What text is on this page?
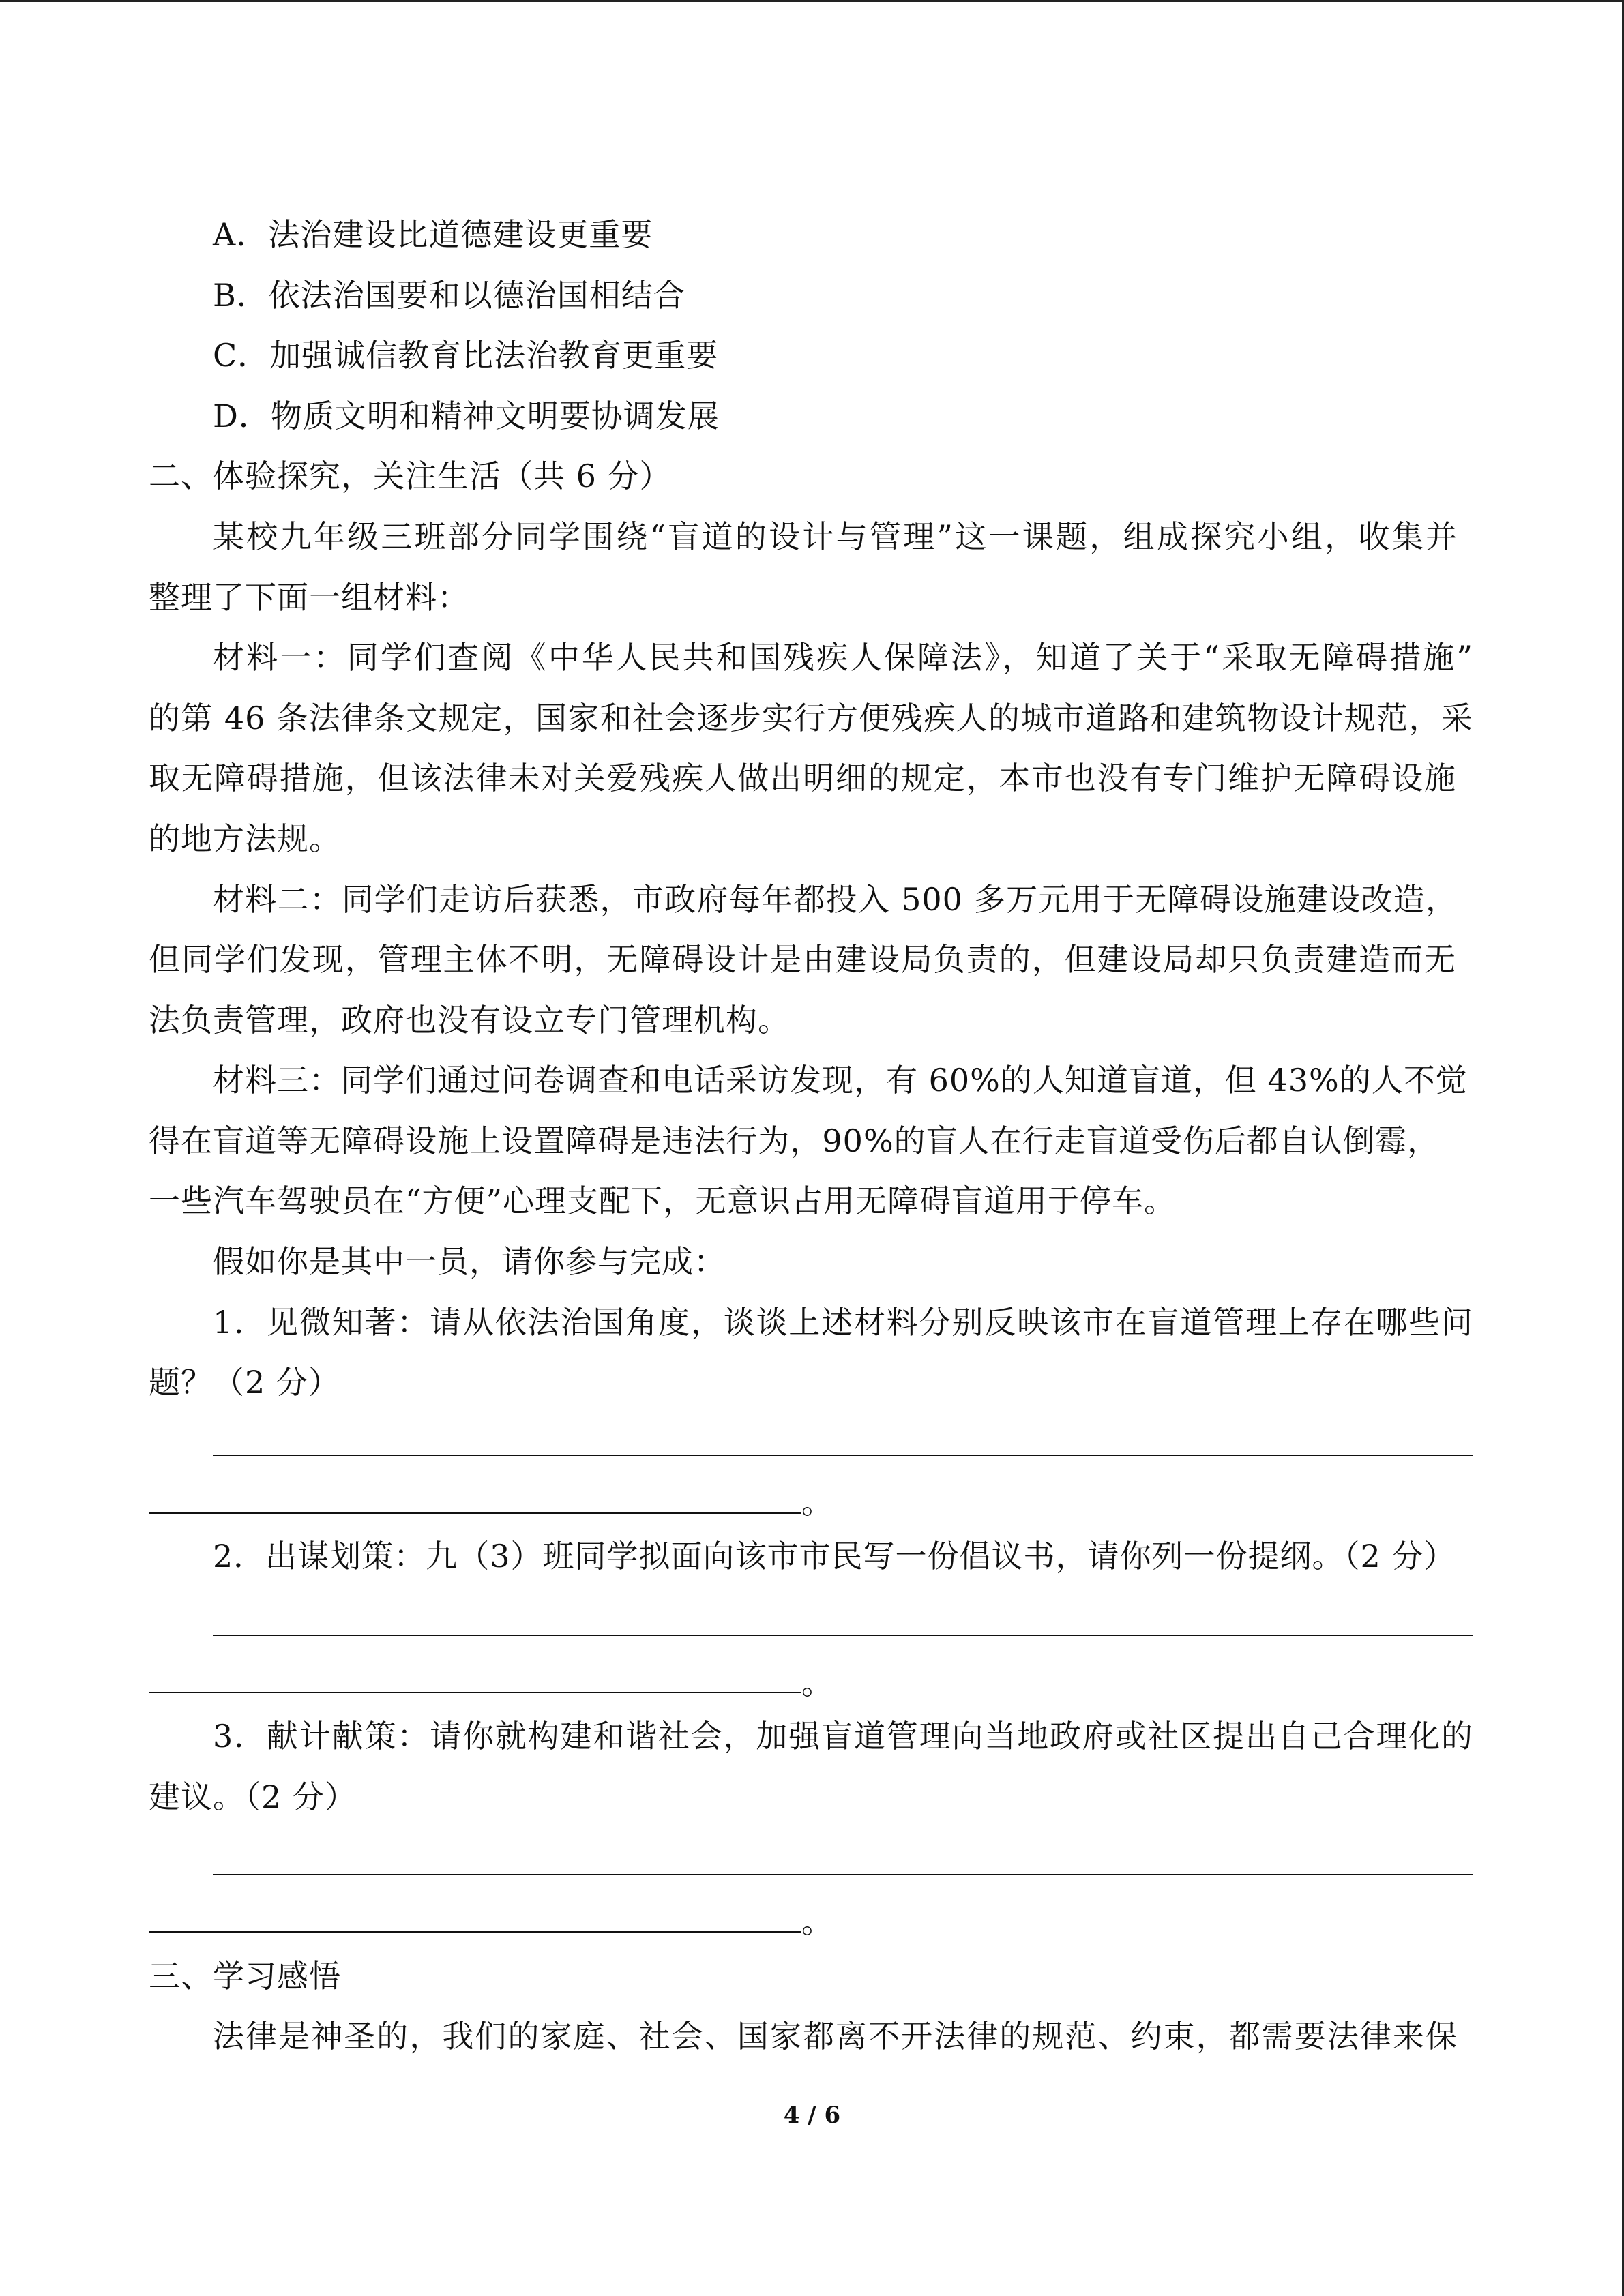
A．法治建设比道德建设更重要
B．依法治国要和以德治国相结合
C．加强诚信教育比法治教育更重要
D．物质文明和精神文明要协调发展
二、体验探究，关注生活（共 6 分）
某校九年级三班部分同学围绕“盲道的设计与管理”这一课题，组成探究小组，收集并
整理了下面一组材料：
材料一：同学们查阅《中华人民共和国残疾人保障法》，知道了关于“采取无障碍措施”
的第 46 条法律条文规定，国家和社会逐步实行方便残疾人的城市道路和建筑物设计规范，采
取无障碍措施，但该法律未对关爱残疾人做出明细的规定，本市也没有专门维护无障碍设施
的地方法规。
材料二：同学们走访后获悉，市政府每年都投入 500 多万元用于无障碍设施建设改造，
但同学们发现，管理主体不明，无障碍设计是由建设局负责的，但建设局却只负责建造而无
法负责管理，政府也没有设立专门管理机构。
材料三：同学们通过问卷调查和电话采访发现，有 60%的人知道盲道，但 43%的人不觉
得在盲道等无障碍设施上设置障碍是违法行为，90%的盲人在行走盲道受伤后都自认倒霉，
一些汽车驾驶员在“方便”心理支配下，无意识占用无障碍盲道用于停车。
假如你是其中一员，请你参与完成：
1．见微知著：请从依法治国角度，谈谈上述材料分别反映该市在盲道管理上存在哪些问
题？（2 分）
。
2．出谋划策：九（3）班同学拟面向该市市民写一份倡议书，请你列一份提纲。（2 分）
。
3．献计献策：请你就构建和谐社会，加强盲道管理向当地政府或社区提出自己合理化的
建议。（2 分）
。
三、学习感悟
法律是神圣的，我们的家庭、社会、国家都离不开法律的规范、约束，都需要法律来保
4 / 6
